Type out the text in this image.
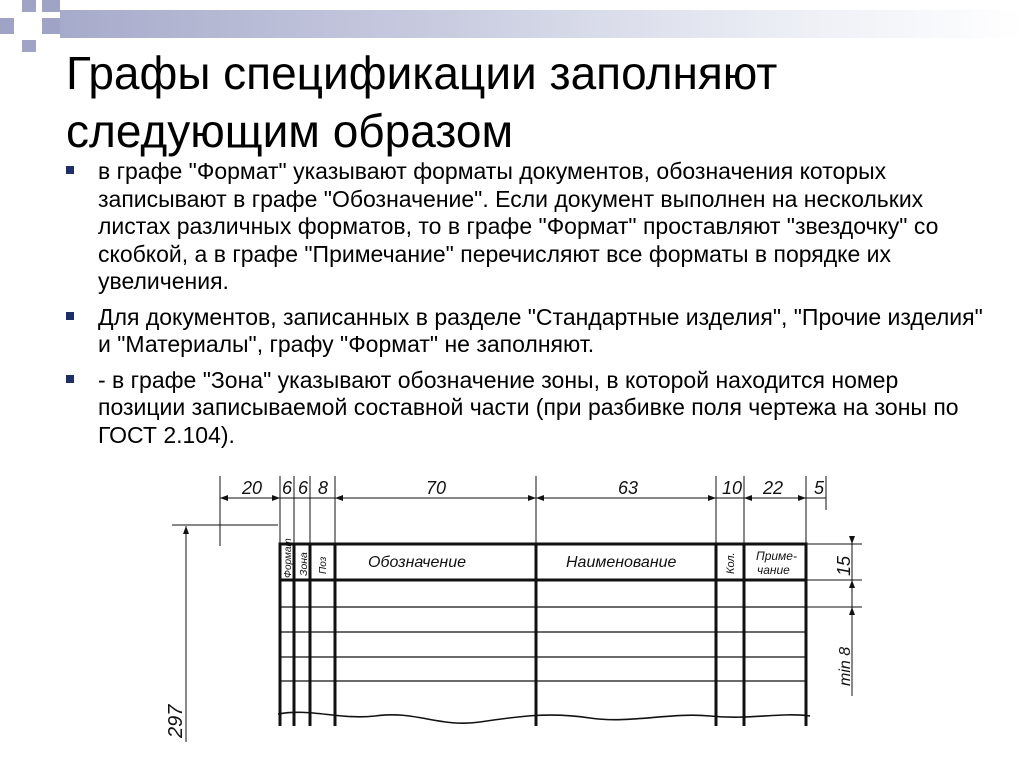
Графы спецификации заполняют
следующим образом
в графе "Формат" указывают форматы документов, обозначения которых записывают в графе "Обозначение". Если документ выполнен на нескольких листах различных форматов, то в графе "Формат" проставляют "звездочку" со скобкой, а в графе "Примечание" перечисляют все форматы в порядке их увеличения.
Для документов, записанных в разделе "Стандартные изделия", "Прочие изделия" и "Материалы", графу "Формат" не заполняют.
- в графе "Зона" указывают обозначение зоны, в которой находится номер позиции записываемой составной части (при разбивке поля чертежа на зоны по ГОСТ 2.104).
20 6 6 8	70	63	10 22 5
15
min 8
297
Формат Зона Поз Обозначение	Наименование	Кол. Приме-
чание
